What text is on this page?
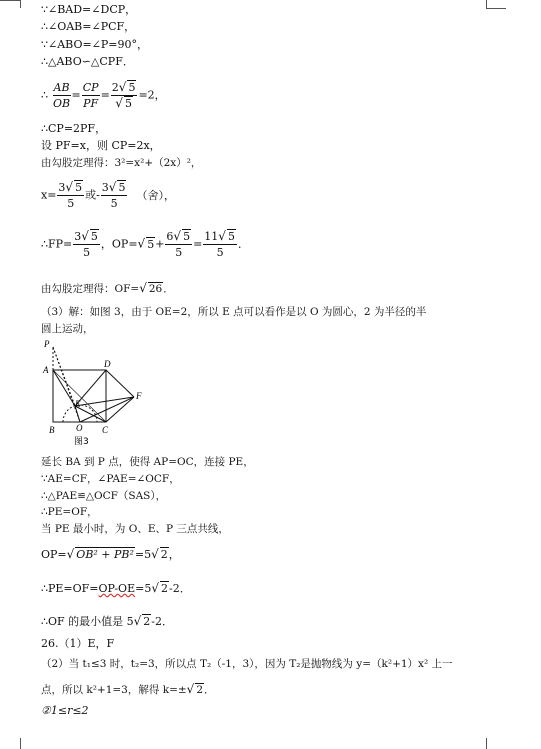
∵∠BAD=∠DCP，
∴∠OAB=∠PCF，
∵∠ABO=∠P=90°，
∴△ABO∽△CPF．
∴ $\frac{AB}{OB} = \frac{CP}{PF} = \frac{2√ 5}{√ 5} =2$，
∴CP=2PF，
设 PF=x，则 CP=2x，
由勾股定理得：3²=x²+（2x）²，
$x= \frac{3√ 5}{5}$ 或- $\frac{3√ 5}{5}$ （舍），
∴FP= $\frac{3√ 5}{5}$ ，OP=√ $5+ \frac{6√ 5}{5} = \frac{11√ 5}{5}$ ．
由勾股定理得：OF=√ 26．
（3）解：如图 3，由于 OE=2，所以 E 点可以看作是以 O 为圆心，2 为半径的半
圆上运动，
P
A
D
F
E
B O C
图3
延长 BA 到 P 点，使得 AP=OC，连接 PE，
∵AE=CF，∠PAE=∠OCF，
∴△PAE≌△OCF（SAS），
∴PE=OF，
当 PE 最小时，为 O、E、P 三点共线，
OP=√ OB² + PB²=5√ 2，
∴PE=OF=OP-OE=5√ 2-2．
∴OF 的最小值是 5√ 2-2．
26.（1）E，F
（2）当 t₁≤3 时，t₂=3，所以点 T₂（-1，3），因为 T₂是抛物线为 y=（k²+1）x² 上一
点，所以 k²+1=3，解得 k=±√ 2．
②1≤r≤2
